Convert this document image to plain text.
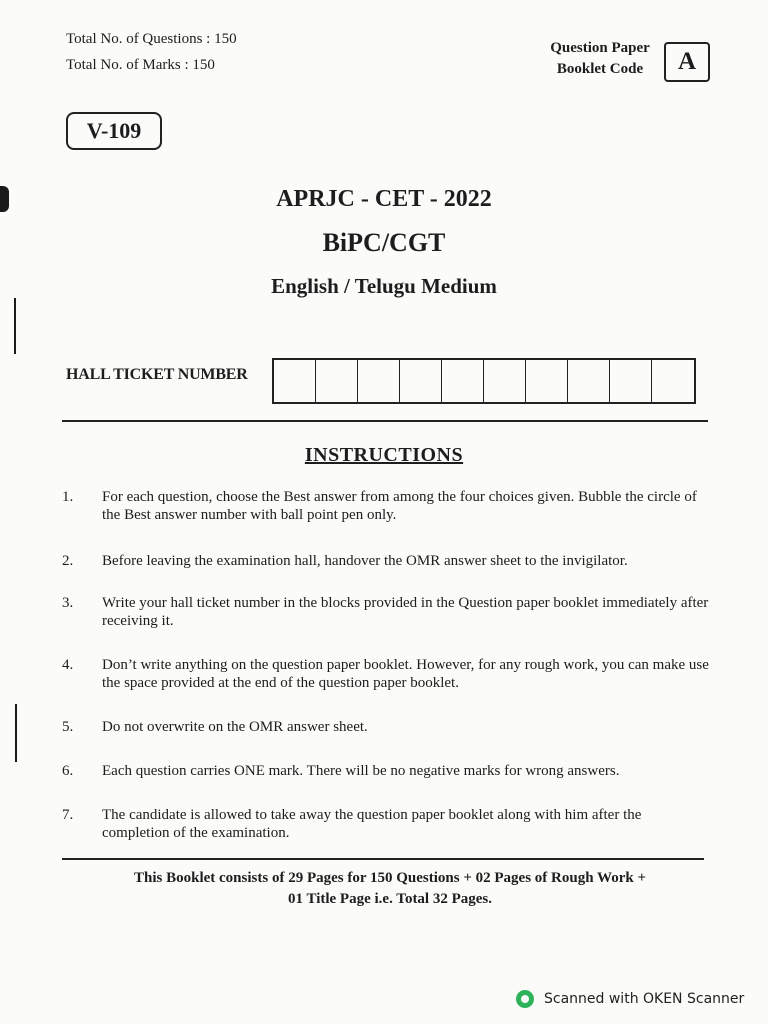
Total No. of Questions : 150
Total No. of Marks : 150
Question Paper
Booklet Code	A
V-109
APRJC - CET - 2022
BiPC/CGT
English / Telugu Medium
HALL TICKET NUMBER
INSTRUCTIONS
1.	For each question, choose the Best answer from among the four choices given. Bubble the circle of the Best answer number with ball point pen only.
2.	Before leaving the examination hall, handover the OMR answer sheet to the invigilator.
3.	Write your hall ticket number in the blocks provided in the Question paper booklet immediately after receiving it.
4.	Don’t write anything on the question paper booklet. However, for any rough work, you can make use the space provided at the end of the question paper booklet.
5.	Do not overwrite on the OMR answer sheet.
6.	Each question carries ONE mark. There will be no negative marks for wrong answers.
7.	The candidate is allowed to take away the question paper booklet along with him after the completion of the examination.
This Booklet consists of 29 Pages for 150 Questions + 02 Pages of Rough Work +
01 Title Page i.e. Total 32 Pages.
Scanned with OKEN Scanner
